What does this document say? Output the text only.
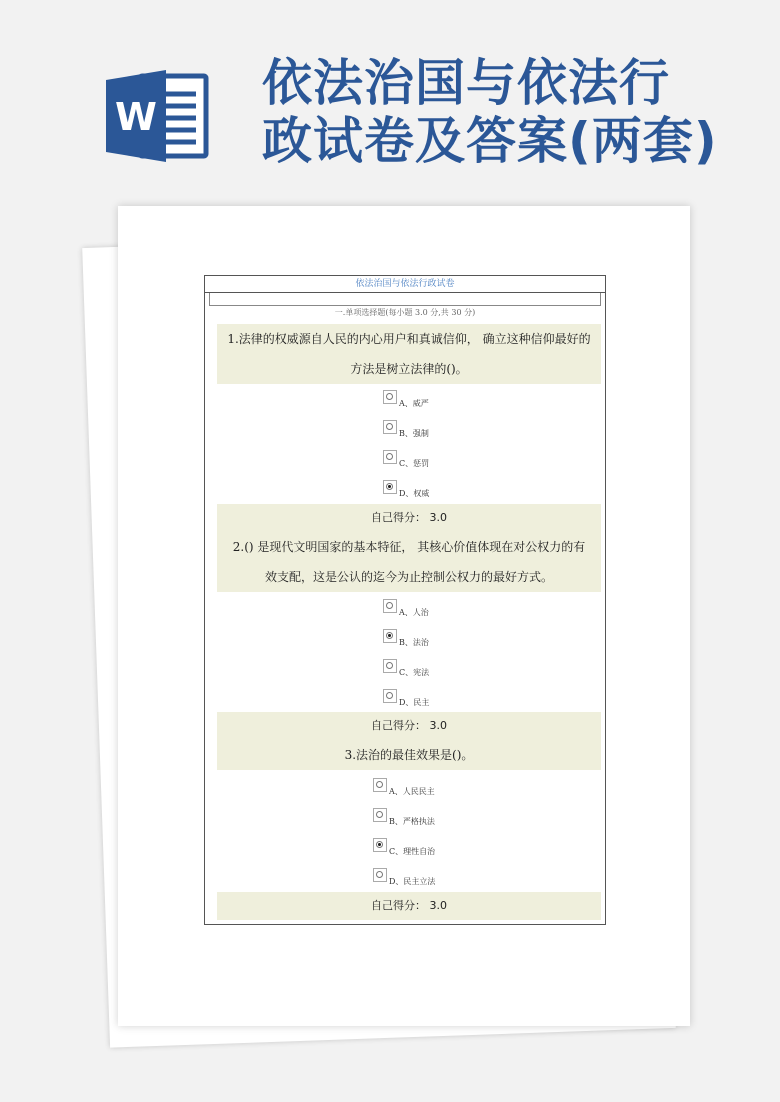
W
依法治国与依法行
政试卷及答案(两套)
依法治国与依法行政试卷
一.单项选择题(每小题 3.0 分,共 30 分)
1.法律的权威源自人民的内心用户和真诚信仰， 确立这种信仰最好的
方法是树立法律的()。
A、威严
B、强制
C、惩罚
D、权威
自己得分： 3.0
2.() 是现代文明国家的基本特征， 其核心价值体现在对公权力的有
效支配，这是公认的迄今为止控制公权力的最好方式。
A、人治
B、法治
C、宪法
D、民主
自己得分： 3.0
3.法治的最佳效果是()。
A、人民民主
B、严格执法
C、理性自治
D、民主立法
自己得分： 3.0
